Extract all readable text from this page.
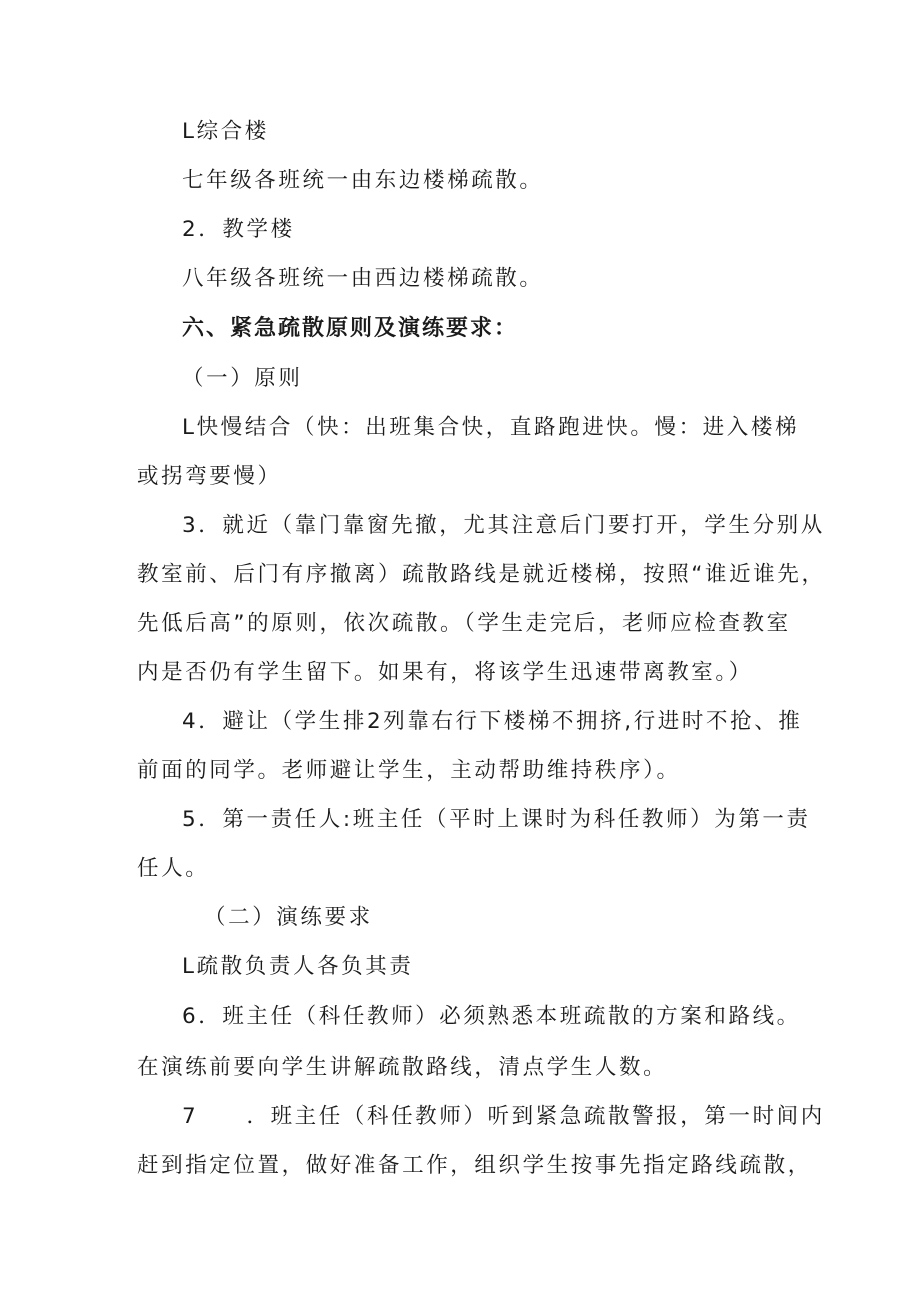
L综合楼

七年级各班统一由东边楼梯疏散。

2．教学楼

八年级各班统一由西边楼梯疏散。

六、紧急疏散原则及演练要求：

（一）原则

L快慢结合（快：出班集合快，直路跑进快。慢：进入楼梯

或拐弯要慢）

3．就近（靠门靠窗先撤，尤其注意后门要打开，学生分别从

教室前、后门有序撤离）疏散路线是就近楼梯，按照“谁近谁先，

先低后高”的原则，依次疏散。（学生走完后，老师应检查教室

内是否仍有学生留下。如果有，将该学生迅速带离教室。）

4．避让（学生排2列靠右行下楼梯不拥挤,行进时不抢、推

前面的同学。老师避让学生，主动帮助维持秩序）。

5．第一责任人:班主任（平时上课时为科任教师）为第一责

任人。

（二）演练要求

L疏散负责人各负其责

6．班主任（科任教师）必须熟悉本班疏散的方案和路线。

在演练前要向学生讲解疏散路线，清点学生人数。

7　　．班主任（科任教师）听到紧急疏散警报，第一时间内

赶到指定位置，做好准备工作，组织学生按事先指定路线疏散，
